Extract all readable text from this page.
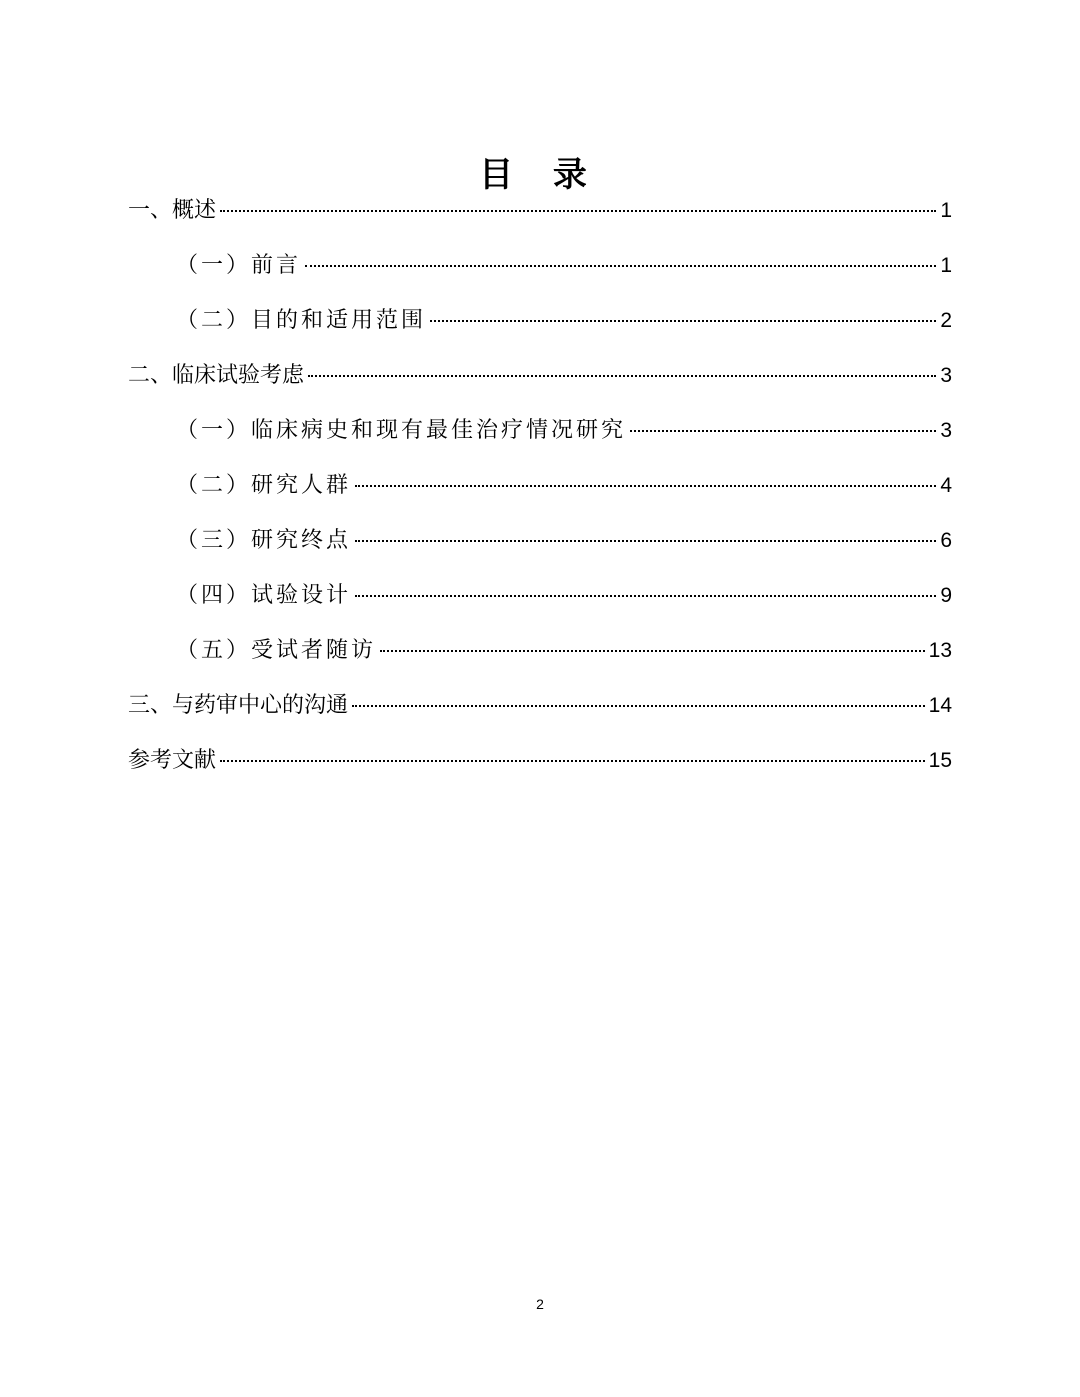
目 录
一、概述	1
（一）前言	1
（二）目的和适用范围	2
二、临床试验考虑	3
（一）临床病史和现有最佳治疗情况研究	3
（二）研究人群	4
（三）研究终点	6
（四）试验设计	9
（五）受试者随访	13
三、与药审中心的沟通	14
参考文献	15
2
